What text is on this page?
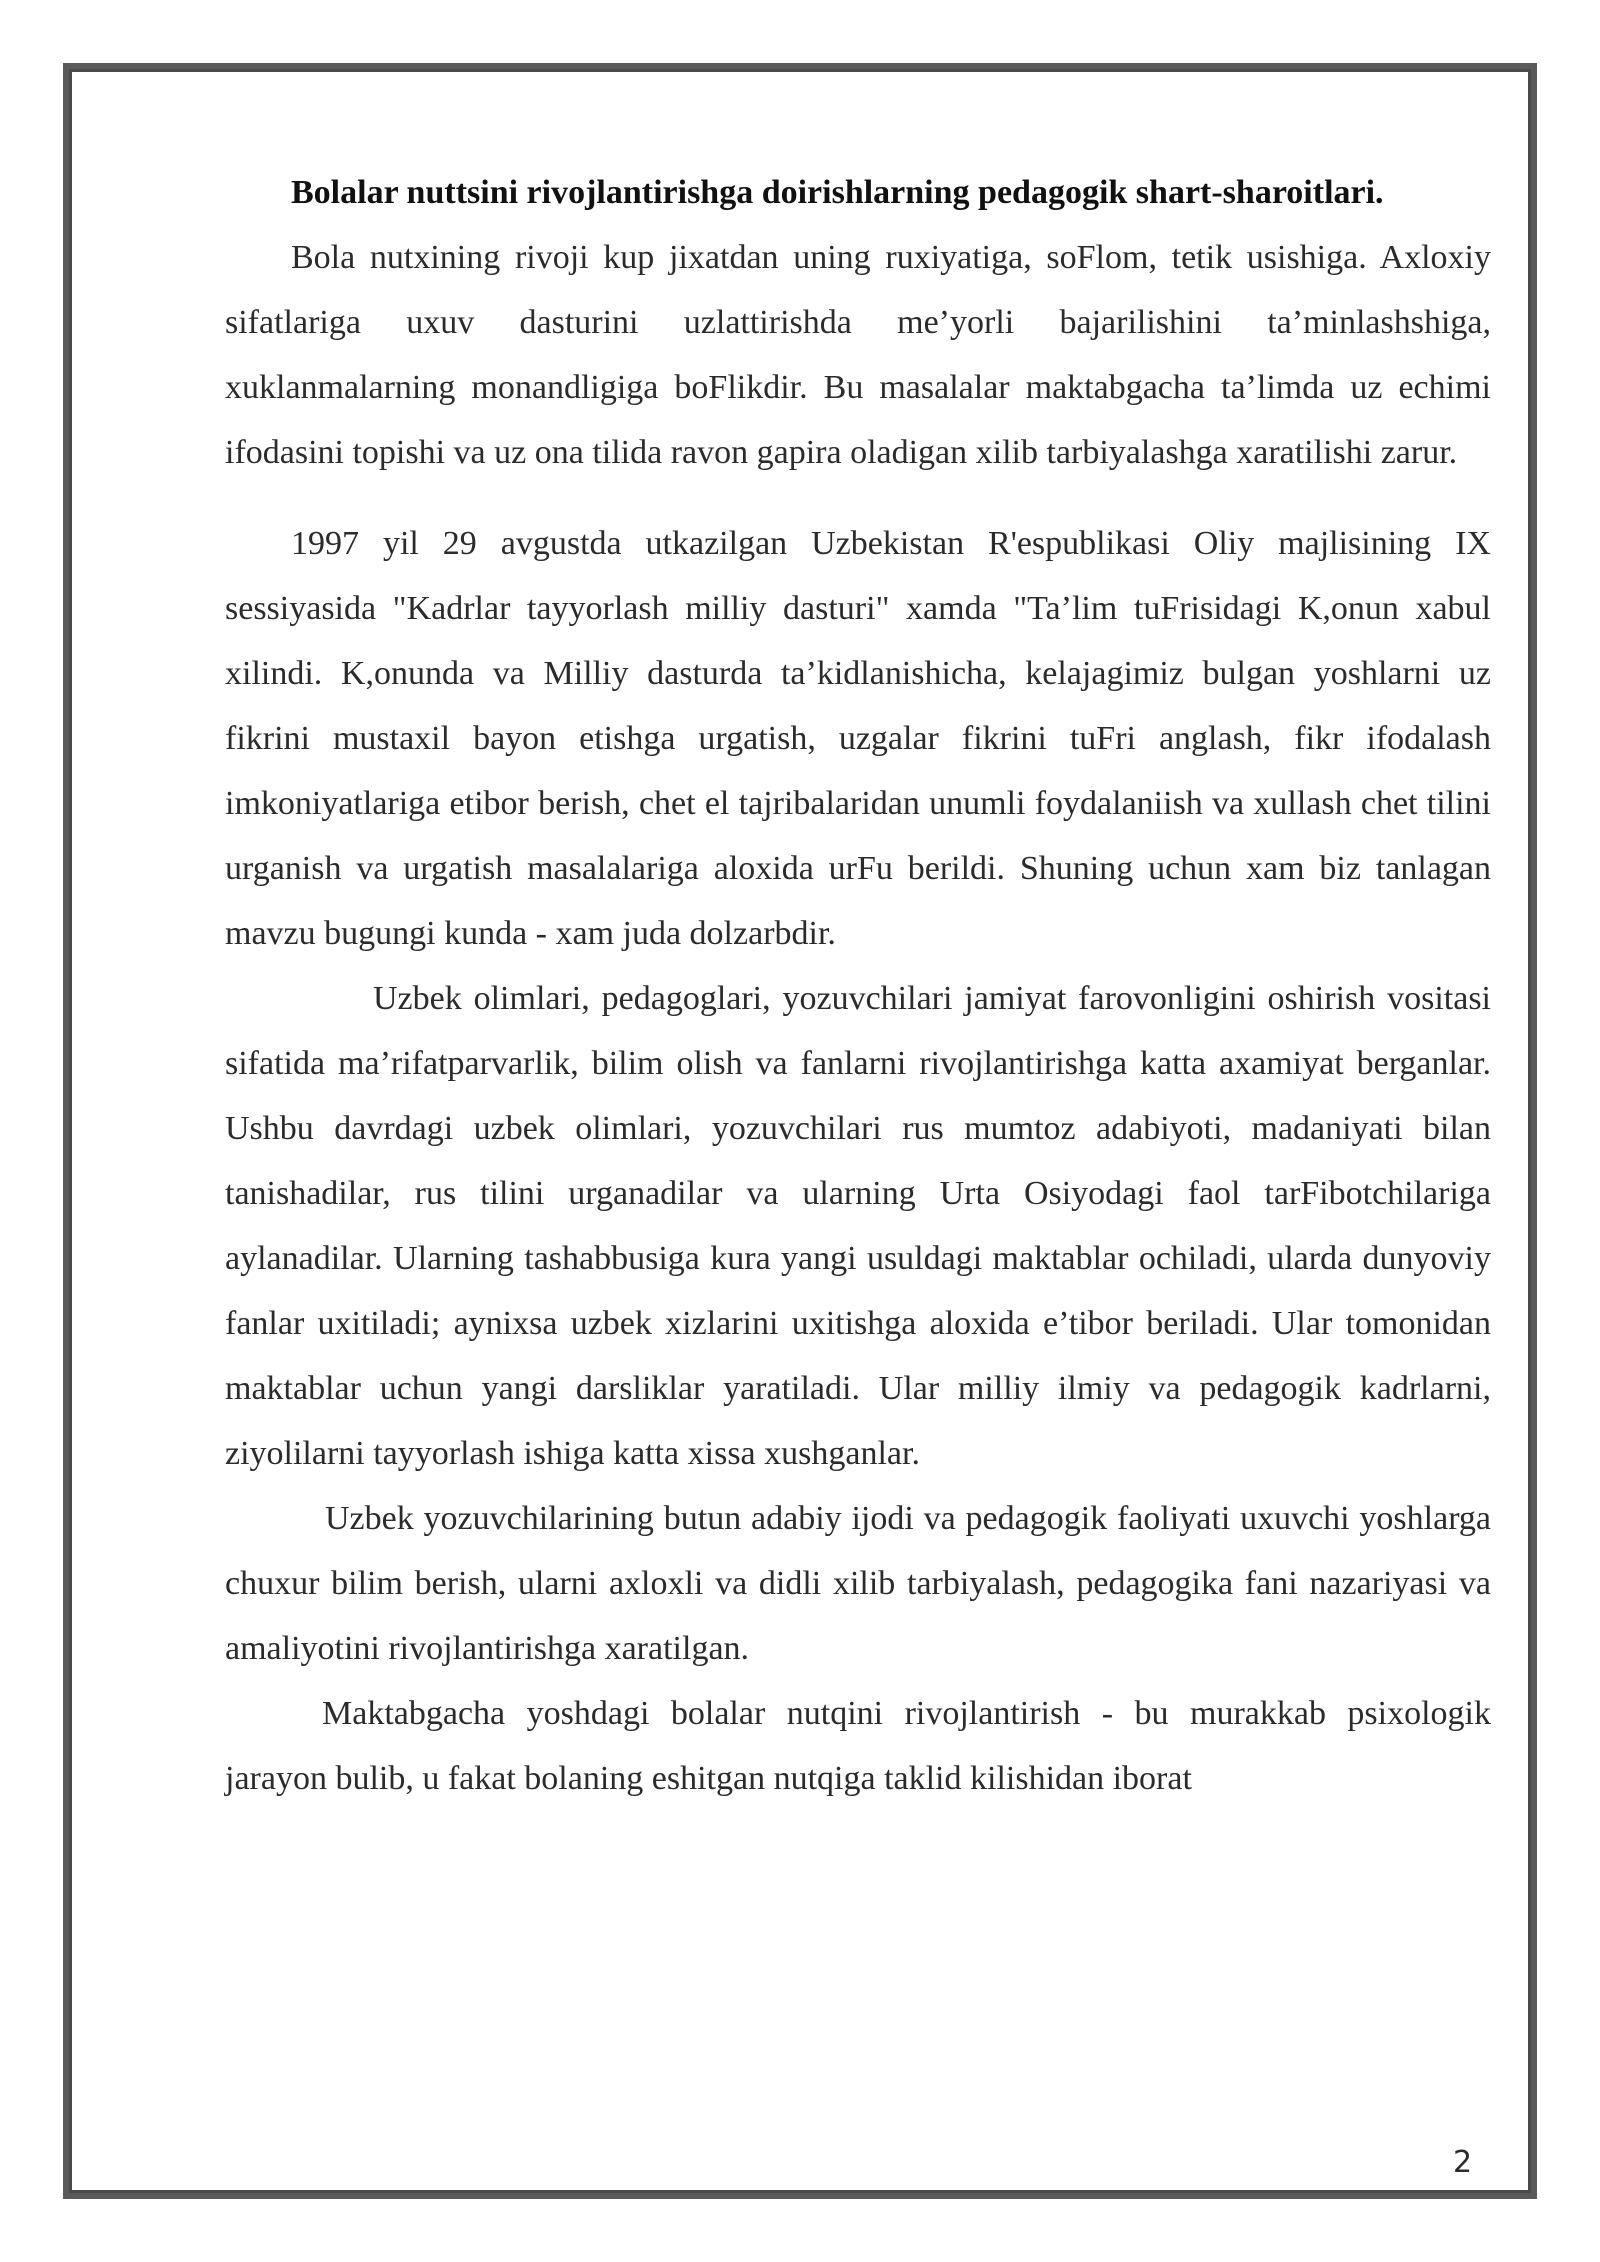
Bolalar nuttsini rivojlantirishga doirishlarning pedagogik shart-sharoitlari.

Bola nutxining rivoji kup jixatdan uning ruxiyatiga, soFlom, tetik usishiga. Axloxiy sifatlariga uxuv dasturini uzlattirishda me’yorli bajarilishini ta’minlashshiga, xuklanmalarning monandligiga boFlikdir. Bu masalalar maktabgacha ta’limda uz echimi ifodasini topishi va uz ona tilida ravon gapira oladigan xilib tarbiyalashga xaratilishi zarur.

1997 yil 29 avgustda utkazilgan Uzbekistan R'espublikasi Oliy majlisining IX sessiyasida "Kadrlar tayyorlash milliy dasturi" xamda "Ta’lim tuFrisidagi K,onun xabul xilindi. K,onunda va Milliy dasturda ta’kidlanishicha, kelajagimiz bulgan yoshlarni uz fikrini mustaxil bayon etishga urgatish, uzgalar fikrini tuFri anglash, fikr ifodalash imkoniyatlariga etibor berish, chet el tajribalaridan unumli foydalaniish va xullash chet tilini urganish va urgatish masalalariga aloxida urFu berildi. Shuning uchun xam biz tanlagan mavzu bugungi kunda - xam juda dolzarbdir.

Uzbek olimlari, pedagoglari, yozuvchilari jamiyat farovonligini oshirish vositasi sifatida ma’rifatparvarlik, bilim olish va fanlarni rivojlantirishga katta axamiyat berganlar. Ushbu davrdagi uzbek olimlari, yozuvchilari rus mumtoz adabiyoti, madaniyati bilan tanishadilar, rus tilini urganadilar va ularning Urta Osiyodagi faol tarFibotchilariga aylanadilar. Ularning tashabbusiga kura yangi usuldagi maktablar ochiladi, ularda dunyoviy fanlar uxitiladi; aynixsa uzbek xizlarini uxitishga aloxida e’tibor beriladi. Ular tomonidan maktablar uchun yangi darsliklar yaratiladi. Ular milliy ilmiy va pedagogik kadrlarni, ziyolilarni tayyorlash ishiga katta xissa xushganlar.

Uzbek yozuvchilarining butun adabiy ijodi va pedagogik faoliyati uxuvchi yoshlarga chuxur bilim berish, ularni axloxli va didli xilib tarbiyalash, pedagogika fani nazariyasi va amaliyotini rivojlantirishga xaratilgan.

Maktabgacha yoshdagi bolalar nutqini rivojlantirish - bu murakkab psixologik jarayon bulib, u fakat bolaning eshitgan nutqiga taklid kilishidan iborat

2
